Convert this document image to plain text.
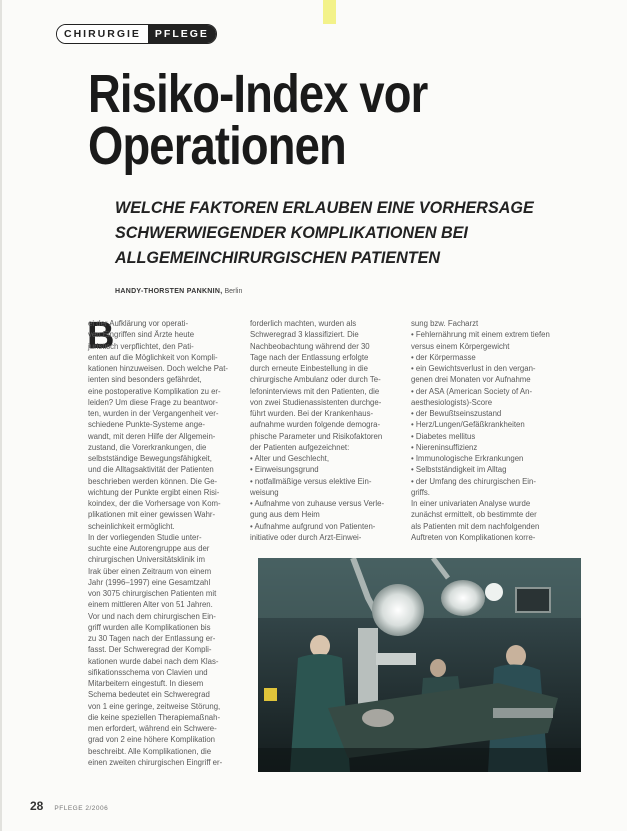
CHIRURGIE	PFLEGE
Risiko-Index vor
Operationen
WELCHE FAKTOREN ERLAUBEN EINE VORHERSAGE
SCHWERWIEGENDER KOMPLIKATIONEN BEI
ALLGEMEINCHIRURGISCHEN PATIENTEN
HANDY-THORSTEN PANKNIN, Berlin
B
ei der Aufklärung vor operati-
ven Eingriffen sind Ärzte heute
juristisch verpflichtet, den Pati-
enten auf die Möglichkeit von Kompli-
kationen hinzuweisen. Doch welche Pat-
ienten sind besonders gefährdet,
eine postoperative Komplikation zu er-
leiden? Um diese Frage zu beantwor-
ten, wurden in der Vergangenheit ver-
schiedene Punkte-Systeme ange-
wandt, mit deren Hilfe der Allgemein-
zustand, die Vorerkrankungen, die
selbstständige Bewegungsfähigkeit,
und die Alltagsaktivität der Patienten
beschrieben werden können. Die Ge-
wichtung der Punkte ergibt einen Risi-
koindex, der die Vorhersage von Kom-
plikationen mit einer gewissen Wahr-
scheinlichkeit ermöglicht.
In der vorliegenden Studie unter-
suchte eine Autorengruppe aus der
chirurgischen Universitätsklinik im
Irak über einen Zeitraum von einem
Jahr (1996–1997) eine Gesamtzahl
von 3075 chirurgischen Patienten mit
einem mittleren Alter von 51 Jahren.
Vor und nach dem chirurgischen Ein-
griff wurden alle Komplikationen bis
zu 30 Tagen nach der Entlassung er-
fasst. Der Schweregrad der Kompli-
kationen wurde dabei nach dem Klas-
sifikationsschema von Clavien und
Mitarbeitern eingestuft. In diesem
Schema bedeutet ein Schweregrad
von 1 eine geringe, zeitweise Störung,
die keine speziellen Therapiemaßnah-
men erfordert, während ein Schwere-
grad von 2 eine höhere Komplikation
beschreibt. Alle Komplikationen, die
einen zweiten chirurgischen Eingriff er-
forderlich machten, wurden als
Schweregrad 3 klassifiziert. Die
Nachbeobachtung während der 30
Tage nach der Entlassung erfolgte
durch erneute Einbestellung in die
chirurgische Ambulanz oder durch Te-
lefoninterviews mit den Patienten, die
von zwei Studienassistenten durchge-
führt wurden. Bei der Krankenhaus-
aufnahme wurden folgende demogra-
phische Parameter und Risikofaktoren
der Patienten aufgezeichnet:
• Alter und Geschlecht,
• Einweisungsgrund
• notfallmäßige versus elektive Ein-
weisung
• Aufnahme von zuhause versus Verle-
gung aus dem Heim
• Aufnahme aufgrund von Patienten-
initiative oder durch Arzt-Einwei-
sung bzw. Facharzt
• Fehlernährung mit einem extrem tiefen
versus einem Körpergewicht
• der Körpermasse
• ein Gewichtsverlust in den vergan-
genen drei Monaten vor Aufnahme
• der ASA (American Society of An-
aesthesiologists)-Score
• der Bewußtseinszustand
• Herz/Lungen/Gefäßkrankheiten
• Diabetes mellitus
• Niereninsuffizienz
• Immunologische Erkrankungen
• Selbstständigkeit im Alltag
• der Umfang des chirurgischen Ein-
griffs.
In einer univariaten Analyse wurde
zunächst ermittelt, ob bestimmte der
als Patienten mit dem nachfolgenden
Auftreten von Komplikationen korre-
28 PFLEGE 2/2006
